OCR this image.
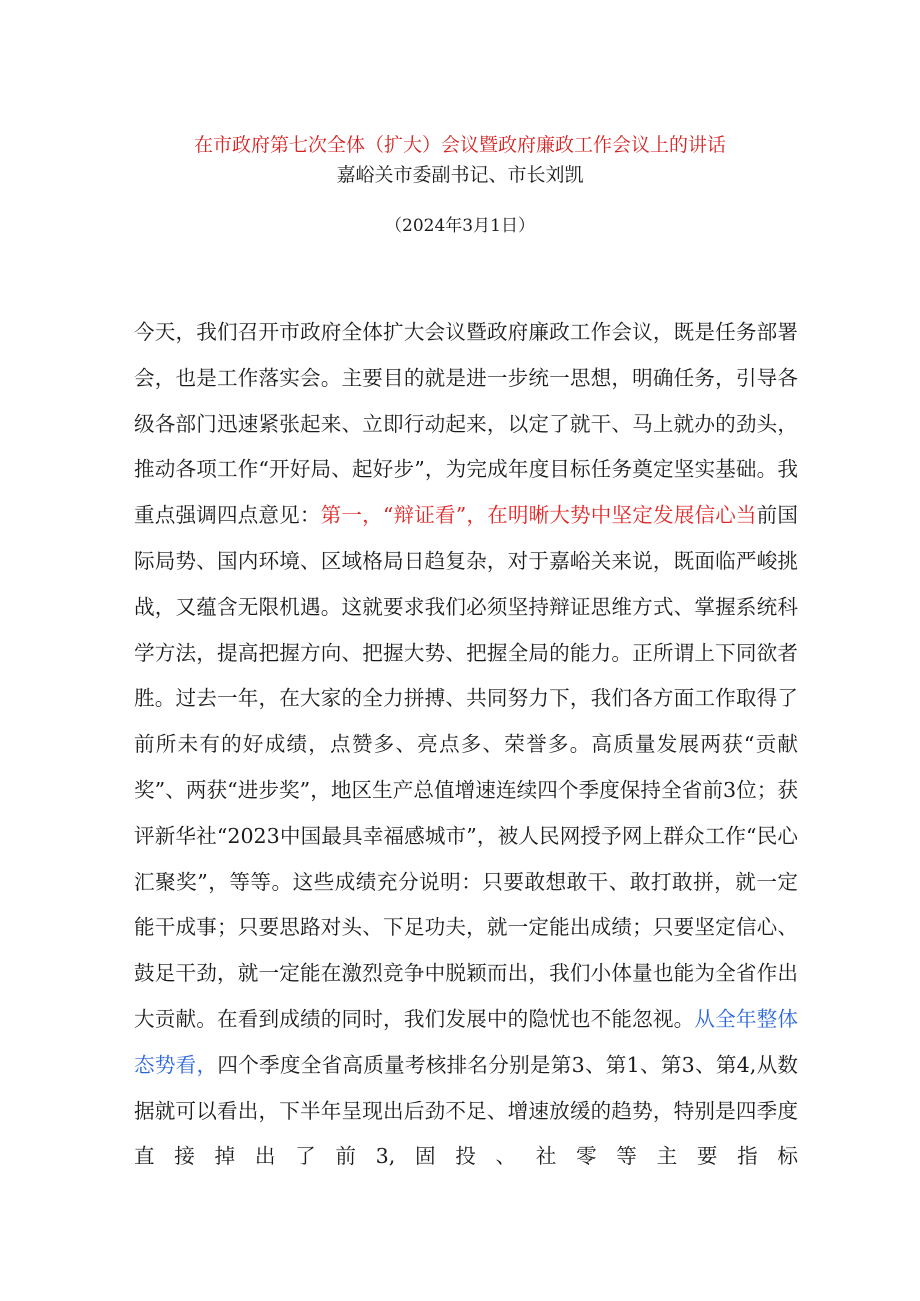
在市政府第七次全体（扩大）会议暨政府廉政工作会议上的讲话

嘉峪关市委副书记、市长刘凯

（2024年3月1日）

今天，我们召开市政府全体扩大会议暨政府廉政工作会议，既是任务部署会，也是工作落实会。主要目的就是进一步统一思想，明确任务，引导各级各部门迅速紧张起来、立即行动起来，以定了就干、马上就办的劲头，推动各项工作“开好局、起好步”，为完成年度目标任务奠定坚实基础。我重点强调四点意见：第一，“辩证看”，在明晰大势中坚定发展信心当前国际局势、国内环境、区域格局日趋复杂，对于嘉峪关来说，既面临严峻挑战，又蕴含无限机遇。这就要求我们必须坚持辩证思维方式、掌握系统科学方法，提高把握方向、把握大势、把握全局的能力。正所谓上下同欲者胜。过去一年，在大家的全力拼搏、共同努力下，我们各方面工作取得了前所未有的好成绩，点赞多、亮点多、荣誉多。高质量发展两获“贡献奖”、两获“进步奖”，地区生产总值增速连续四个季度保持全省前3位；获评新华社“2023中国最具幸福感城市”，被人民网授予网上群众工作“民心汇聚奖”，等等。这些成绩充分说明：只要敢想敢干、敢打敢拼，就一定能干成事；只要思路对头、下足功夫，就一定能出成绩；只要坚定信心、鼓足干劲，就一定能在激烈竞争中脱颖而出，我们小体量也能为全省作出大贡献。在看到成绩的同时，我们发展中的隐忧也不能忽视。从全年整体态势看，四个季度全省高质量考核排名分别是第3、第1、第3、第4,从数据就可以看出，下半年呈现出后劲不足、增速放缓的趋势，特别是四季度直接掉出了前3,固投、社零等主要指标
